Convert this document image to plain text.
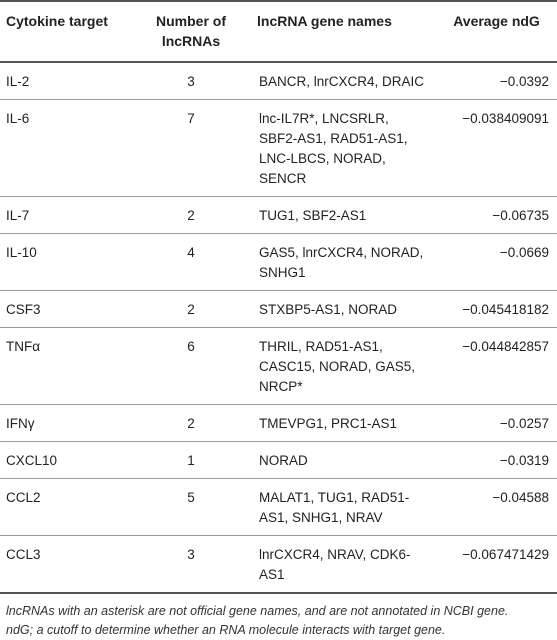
Cytokine target	Number of lncRNAs	lncRNA gene names	Average ndG
IL-2	3	BANCR, lnrCXCR4, DRAIC	−0.0392
IL-6	7	lnc-IL7R*, LNCSRLR, SBF2-AS1, RAD51-AS1, LNC-LBCS, NORAD, SENCR	−0.038409091
IL-7	2	TUG1, SBF2-AS1	−0.06735
IL-10	4	GAS5, lnrCXCR4, NORAD, SNHG1	−0.0669
CSF3	2	STXBP5-AS1, NORAD	−0.045418182
TNFα	6	THRIL, RAD51-AS1, CASC15, NORAD, GAS5, NRCP*	−0.044842857
IFNγ	2	TMEVPG1, PRC1-AS1	−0.0257
CXCL10	1	NORAD	−0.0319
CCL2	5	MALAT1, TUG1, RAD51-AS1, SNHG1, NRAV	−0.04588
CCL3	3	lnrCXCR4, NRAV, CDK6-AS1	−0.067471429
lncRNAs with an asterisk are not official gene names, and are not annotated in NCBI gene.
ndG; a cutoff to determine whether an RNA molecule interacts with target gene.
